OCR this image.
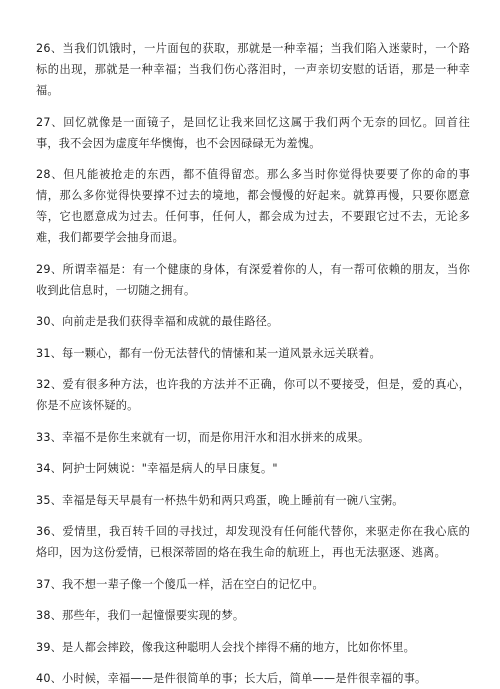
26、当我们饥饿时，一片面包的获取，那就是一种幸福；当我们陷入迷蒙时，一个路标的出现，那就是一种幸福；当我们伤心落泪时，一声亲切安慰的话语，那是一种幸福。

27、回忆就像是一面镜子，是回忆让我来回忆这属于我们两个无奈的回忆。回首往事，我不会因为虚度年华懊悔，也不会因碌碌无为羞愧。

28、但凡能被抢走的东西，都不值得留恋。那么多当时你觉得快要要了你的命的事情，那么多你觉得快要撑不过去的境地，都会慢慢的好起来。就算再慢，只要你愿意等，它也愿意成为过去。任何事，任何人，都会成为过去，不要跟它过不去，无论多难，我们都要学会抽身而退。

29、所谓幸福是：有一个健康的身体，有深爱着你的人，有一帮可依赖的朋友，当你收到此信息时，一切随之拥有。

30、向前走是我们获得幸福和成就的最佳路径。

31、每一颗心，都有一份无法替代的情愫和某一道风景永远关联着。

32、爱有很多种方法，也许我的方法并不正确，你可以不要接受，但是，爱的真心，你是不应该怀疑的。

33、幸福不是你生来就有一切，而是你用汗水和泪水拼来的成果。

34、阿护士阿姨说："幸福是病人的早日康复。"

35、幸福是每天早晨有一杯热牛奶和两只鸡蛋，晚上睡前有一碗八宝粥。

36、爱情里，我百转千回的寻找过，却发现没有任何能代替你，来驱走你在我心底的烙印，因为这份爱情，已根深蒂固的烙在我生命的航班上，再也无法驱逐、逃离。

37、我不想一辈子像一个傻瓜一样，活在空白的记忆中。

38、那些年，我们一起憧憬要实现的梦。

39、是人都会摔跤，像我这种聪明人会找个摔得不痛的地方，比如你怀里。

40、小时候，幸福——是件很简单的事；长大后，简单——是件很幸福的事。
